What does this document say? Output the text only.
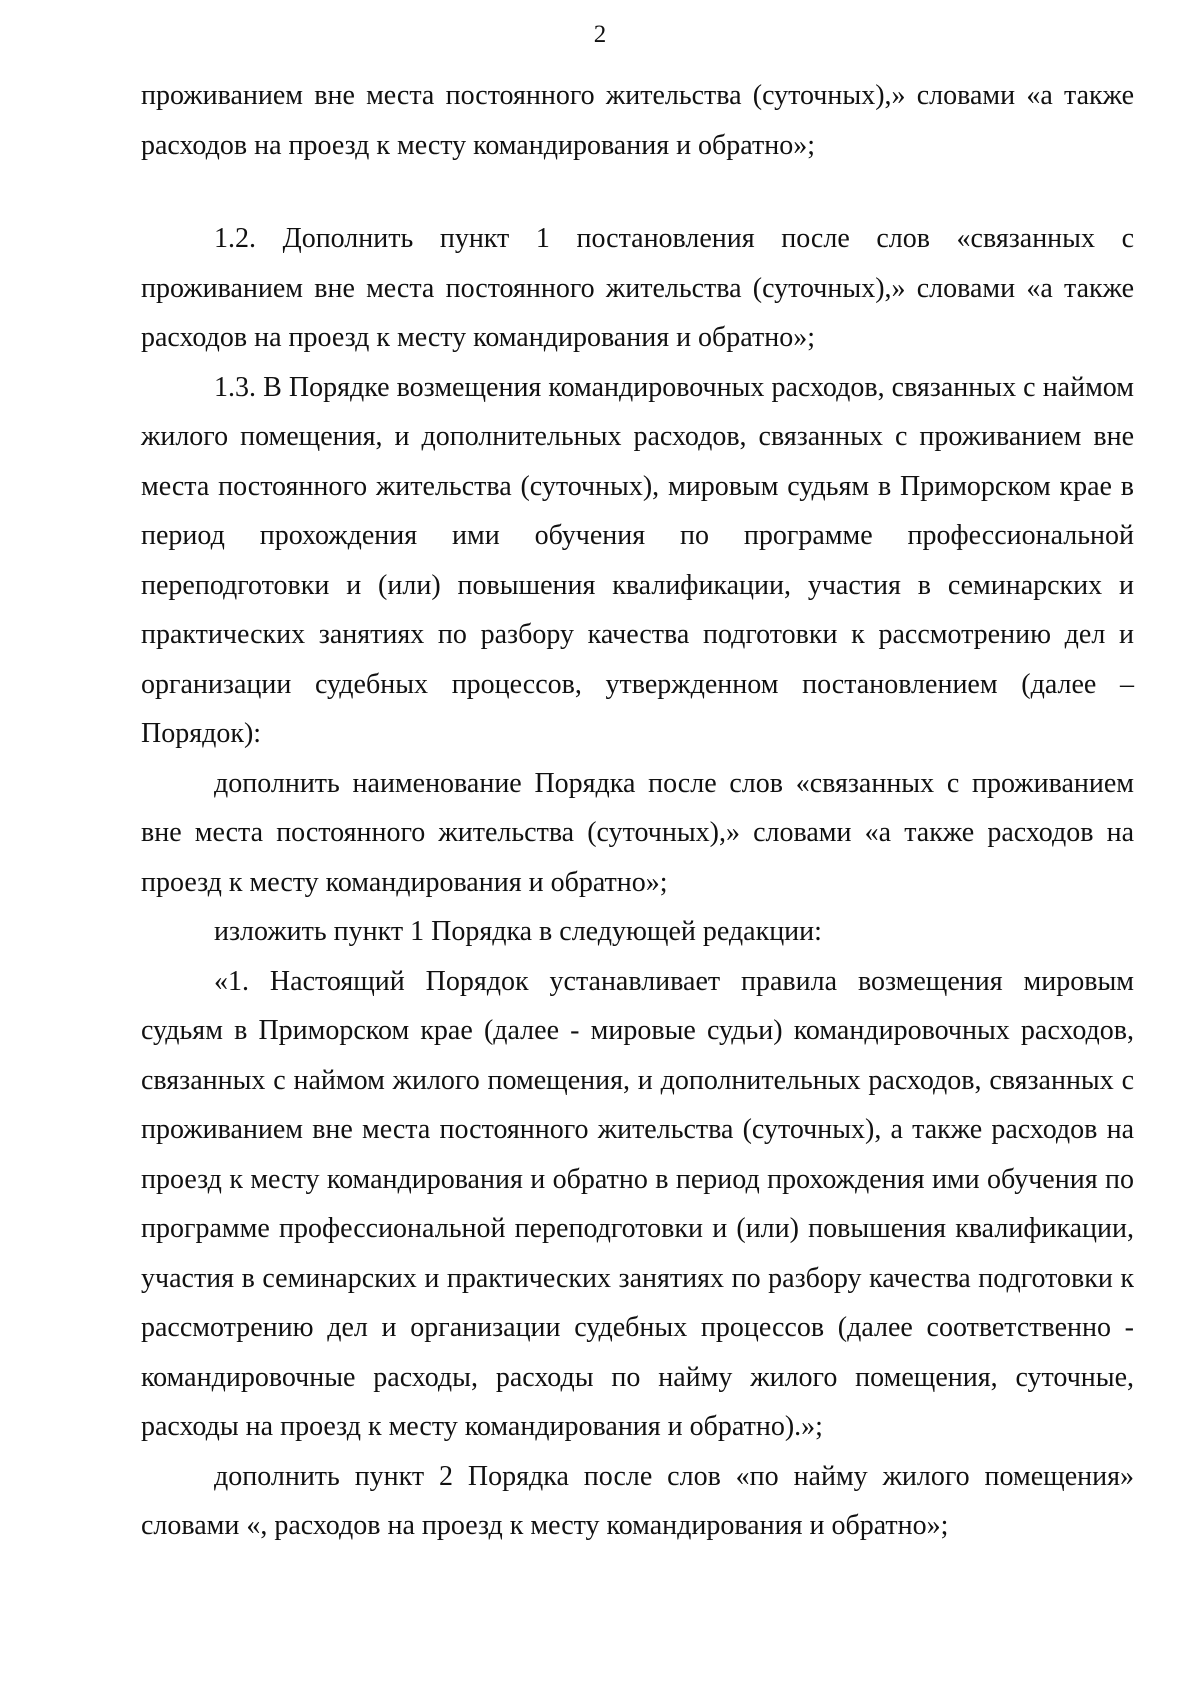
2

проживанием вне места постоянного жительства (суточных),» словами «а также расходов на проезд к месту командирования и обратно»;

1.2. Дополнить пункт 1 постановления после слов «связанных с проживанием вне места постоянного жительства (суточных),» словами «а также расходов на проезд к месту командирования и обратно»;

1.3. В Порядке возмещения командировочных расходов, связанных с наймом жилого помещения, и дополнительных расходов, связанных с проживанием вне места постоянного жительства (суточных), мировым судьям в Приморском крае в период прохождения ими обучения по программе профессиональной переподготовки и (или) повышения квалификации, участия в семинарских и практических занятиях по разбору качества подготовки к рассмотрению дел и организации судебных процессов, утвержденном постановлением (далее – Порядок):

дополнить наименование Порядка после слов «связанных с проживанием вне места постоянного жительства (суточных),» словами «а также расходов на проезд к месту командирования и обратно»;

изложить пункт 1 Порядка в следующей редакции:

«1. Настоящий Порядок устанавливает правила возмещения мировым судьям в Приморском крае (далее - мировые судьи) командировочных расходов, связанных с наймом жилого помещения, и дополнительных расходов, связанных с проживанием вне места постоянного жительства (суточных), а также расходов на проезд к месту командирования и обратно в период прохождения ими обучения по программе профессиональной переподготовки и (или) повышения квалификации, участия в семинарских и практических занятиях по разбору качества подготовки к рассмотрению дел и организации судебных процессов (далее соответственно - командировочные расходы, расходы по найму жилого помещения, суточные, расходы на проезд к месту командирования и обратно).»;

дополнить пункт 2 Порядка после слов «по найму жилого помещения» словами «, расходов на проезд к месту командирования и обратно»;
